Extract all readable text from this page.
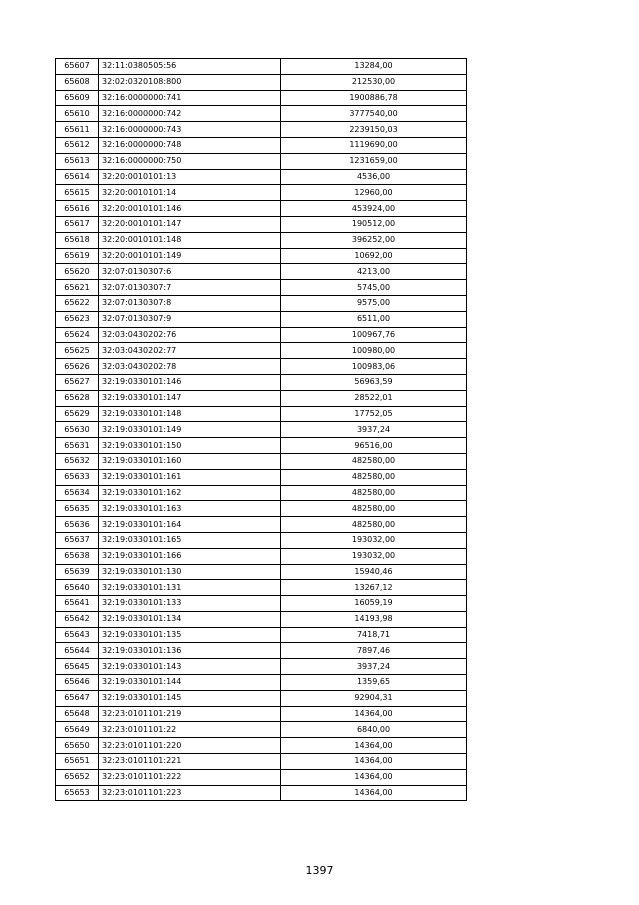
65607	32:11:0380505:56	13284,00
65608	32:02:0320108:800	212530,00
65609	32:16:0000000:741	1900886,78
65610	32:16:0000000:742	3777540,00
65611	32:16:0000000:743	2239150,03
65612	32:16:0000000:748	1119690,00
65613	32:16:0000000:750	1231659,00
65614	32:20:0010101:13	4536,00
65615	32:20:0010101:14	12960,00
65616	32:20:0010101:146	453924,00
65617	32:20:0010101:147	190512,00
65618	32:20:0010101:148	396252,00
65619	32:20:0010101:149	10692,00
65620	32:07:0130307:6	4213,00
65621	32:07:0130307:7	5745,00
65622	32:07:0130307:8	9575,00
65623	32:07:0130307:9	6511,00
65624	32:03:0430202:76	100967,76
65625	32:03:0430202:77	100980,00
65626	32:03:0430202:78	100983,06
65627	32:19:0330101:146	56963,59
65628	32:19:0330101:147	28522,01
65629	32:19:0330101:148	17752,05
65630	32:19:0330101:149	3937,24
65631	32:19:0330101:150	96516,00
65632	32:19:0330101:160	482580,00
65633	32:19:0330101:161	482580,00
65634	32:19:0330101:162	482580,00
65635	32:19:0330101:163	482580,00
65636	32:19:0330101:164	482580,00
65637	32:19:0330101:165	193032,00
65638	32:19:0330101:166	193032,00
65639	32:19:0330101:130	15940,46
65640	32:19:0330101:131	13267,12
65641	32:19:0330101:133	16059,19
65642	32:19:0330101:134	14193,98
65643	32:19:0330101:135	7418,71
65644	32:19:0330101:136	7897,46
65645	32:19:0330101:143	3937,24
65646	32:19:0330101:144	1359,65
65647	32:19:0330101:145	92904,31
65648	32:23:0101101:219	14364,00
65649	32:23:0101101:22	6840,00
65650	32:23:0101101:220	14364,00
65651	32:23:0101101:221	14364,00
65652	32:23:0101101:222	14364,00
65653	32:23:0101101:223	14364,00
1397
